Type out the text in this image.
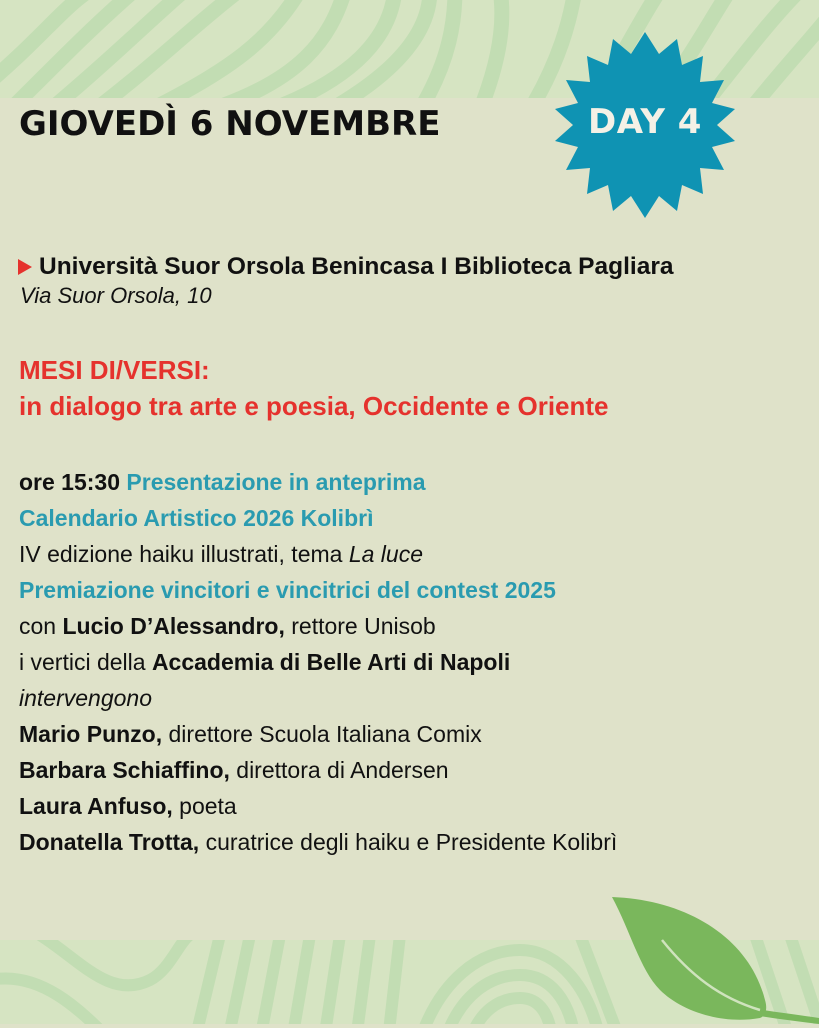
GIOVEDÌ 6 NOVEMBRE	DAY 4
Università Suor Orsola Benincasa I Biblioteca Pagliara
Via Suor Orsola, 10
MESI DI/VERSI:
in dialogo tra arte e poesia, Occidente e Oriente
ore 15:30 Presentazione in anteprima
Calendario Artistico 2026 Kolibrì
IV edizione haiku illustrati, tema La luce
Premiazione vincitori e vincitrici del contest 2025
con Lucio D’Alessandro, rettore Unisob
i vertici della Accademia di Belle Arti di Napoli
intervengono
Mario Punzo, direttore Scuola Italiana Comix
Barbara Schiaffino, direttora di Andersen
Laura Anfuso, poeta
Donatella Trotta, curatrice degli haiku e Presidente Kolibrì
